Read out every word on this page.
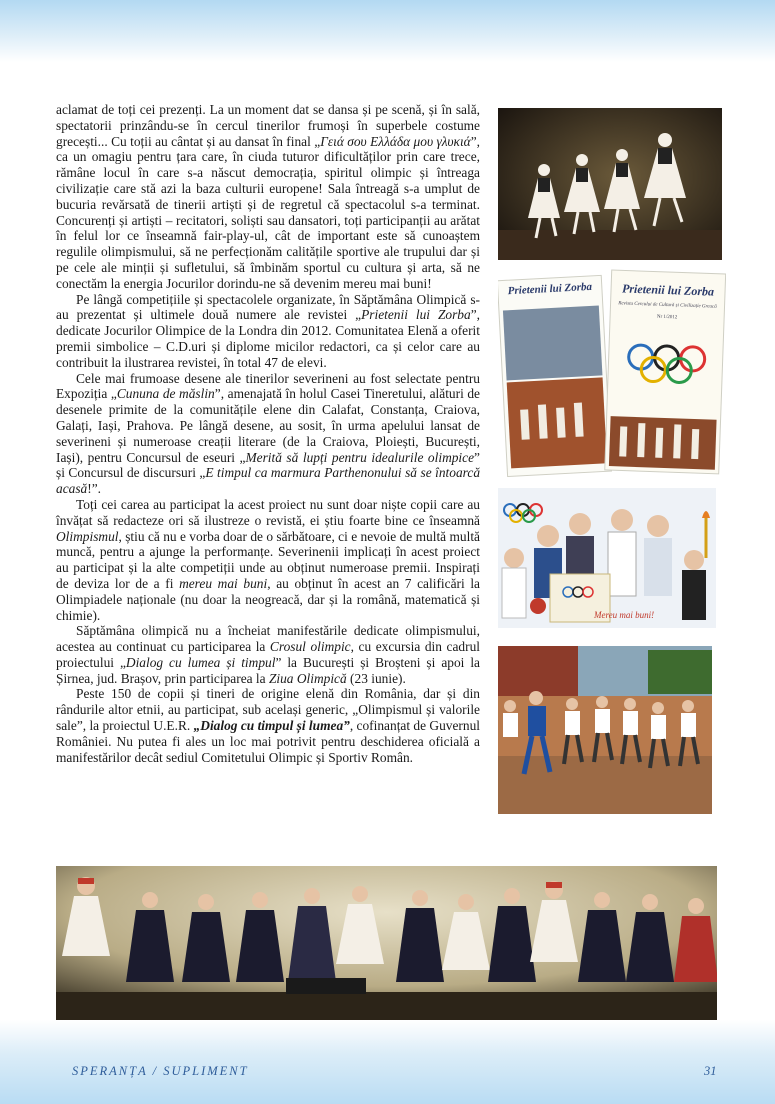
aclamat de toți cei prezenți. La un moment dat se dansa și pe scenă, și în sală, spectatorii prinzându-se în cercul tinerilor frumoși în superbele costume grecești... Cu toții au cântat și au dansat în final „Γειά σου Ελλάδα μου γλυκιά”, ca un omagiu pentru țara care, în ciuda tuturor dificultăților prin care trece, rămâne locul în care s-a născut democrația, spiritul olimpic și întreaga civilizație care stă azi la baza culturii europene! Sala întreagă s-a umplut de bucuria revărsată de tinerii artiști și de regretul că spectacolul s-a terminat. Concurenți și artiști – recitatori, soliști sau dansatori, toți participanții au arătat în felul lor ce înseamnă fair-play-ul, cât de important este să cunoaștem regulile olimpismului, să ne perfecționăm calitățile sportive ale trupului dar și pe cele ale minții și sufletului, să îmbinăm sportul cu cultura și arta, să ne conectăm la energia Jocurilor dorindu-ne să devenim mereu mai buni!

Pe lângă competițiile și spectacolele organizate, în Săptămâna Olimpică s-au prezentat și ultimele două numere ale revistei „Prietenii lui Zorba”, dedicate Jocurilor Olimpice de la Londra din 2012. Comunitatea Elenă a oferit premii simbolice – C.D.uri și diplome micilor redactori, ca și celor care au contribuit la ilustrarea revistei, în total 47 de elevi.

Cele mai frumoase desene ale tinerilor severineni au fost selectate pentru Expoziția „Cununa de măslin”, amenajată în holul Casei Tineretului, alături de desenele primite de la comunitățile elene din Calafat, Constanța, Craiova, Galați, Iași, Prahova. Pe lângă desene, au sosit, în urma apelului lansat de severineni și numeroase creații literare (de la Craiova, Ploiești, București, Iași), pentru Concursul de eseuri „Merită să lupți pentru idealurile olimpice” și Concursul de discursuri „E timpul ca marmura Parthenonului să se întoarcă acasă!”.

Toți cei carea au participat la acest proiect nu sunt doar niște copii care au învățat să redacteze ori să ilustreze o revistă, ei știu foarte bine ce înseamnă Olimpismul, știu că nu e vorba doar de o sărbătoare, ci e nevoie de multă multă muncă, pentru a ajunge la performanțe. Severinenii implicați în acest proiect au participat și la alte competiții unde au obținut numeroase premii. Inspirați de deviza lor de a fi mereu mai buni, au obținut în acest an 7 calificări la Olimpiadele naționale (nu doar la neogreacă, dar și la română, matematică și chimie).

Săptămâna olimpică nu a încheiat manifestările dedicate olimpismului, acestea au continuat cu participarea la Crosul olimpic, cu excursia din cadrul proiectului „Dialog cu lumea și timpul” la București și Broșteni și apoi la Șirnea, jud. Brașov, prin participarea la Ziua Olimpică (23 iunie).

Peste 150 de copii și tineri de origine elenă din România, dar și din rândurile altor etnii, au participat, sub același generic, „Olimpismul și valorile sale”, la proiectul U.E.R. „Dialog cu timpul și lumea”, cofinanțat de Guvernul României. Nu putea fi ales un loc mai potrivit pentru deschiderea oficială a manifestărilor decât sediul Comitetului Olimpic și Sportiv Român.

Prietenii lui Zorba Prietenii lui Zorba
Revista Cercului de Cultură și Civilizație Greacă
Nr 1/2012
Mereu mai buni!
SPERANȚA / SUPLIMENT	31
